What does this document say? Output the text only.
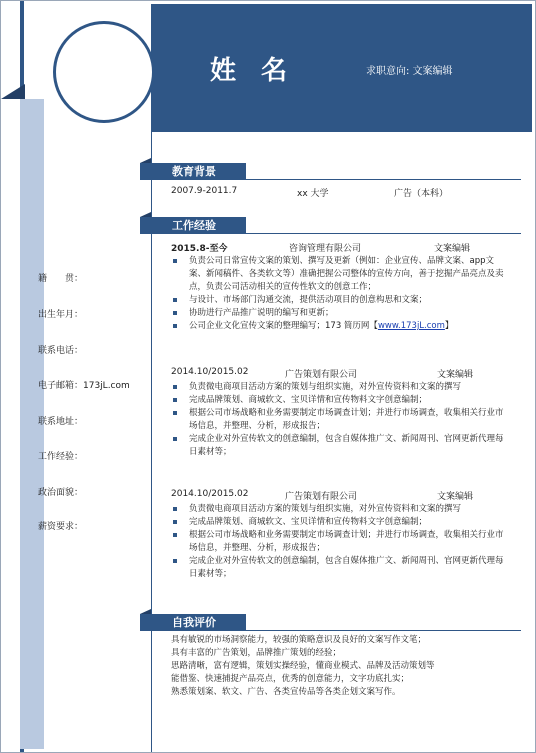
姓 名	求职意向: 文案编辑
籍　　贯：
出生年月：
联系电话：
电子邮箱：173jL.com
联系地址：
工作经验：
政治面貌：
薪资要求：
教育背景
2007.9-2011.7	xx 大学	广告（本科）
工作经验
2015.8-至今	咨询管理有限公司	文案编辑
负责公司日常宣传文案的策划、撰写及更新（例如：企业宣传、品牌文案、app文案、新闻稿件、各类软文等）准确把握公司整体的宣传方向，善于挖掘产品亮点及卖点，负责公司活动相关的宣传性软文的创意工作；
与设计、市场部门沟通交流，提供活动项目的创意构思和文案；
协助进行产品推广说明的编写和更新；
公司企业文化宣传文案的整理编写；173 简历网【www.173jL.com】
2014.10/2015.02	广告策划有限公司	文案编辑
负责微电商项目活动方案的策划与组织实施，对外宣传资料和文案的撰写
完成品牌策划、商城软文、宝贝详情和宣传物料文字创意编制；
根据公司市场战略和业务需要制定市场调查计划；并进行市场调查，收集相关行业市场信息，并整理、分析，形成报告；
完成企业对外宣传软文的创意编制，包含自媒体推广文、新闻周刊、官网更新代理每日素材等；
2014.10/2015.02	广告策划有限公司	文案编辑
负责微电商项目活动方案的策划与组织实施，对外宣传资料和文案的撰写
完成品牌策划、商城软文、宝贝详情和宣传物料文字创意编制；
根据公司市场战略和业务需要制定市场调查计划；并进行市场调查，收集相关行业市场信息，并整理、分析，形成报告；
完成企业对外宣传软文的创意编制，包含自媒体推广文、新闻周刊、官网更新代理每日素材等；
自我评价
具有敏锐的市场洞察能力，较强的策略意识及良好的文案写作文笔；
具有丰富的广告策划，品牌推广策划的经验；
思路清晰，富有逻辑，策划实操经验，懂商业模式、品牌及活动策划等
能借鉴、快速捕捉产品亮点，优秀的创意能力，文字功底扎实；
熟悉策划案、软文、广告、各类宣传品等各类企划文案写作。
